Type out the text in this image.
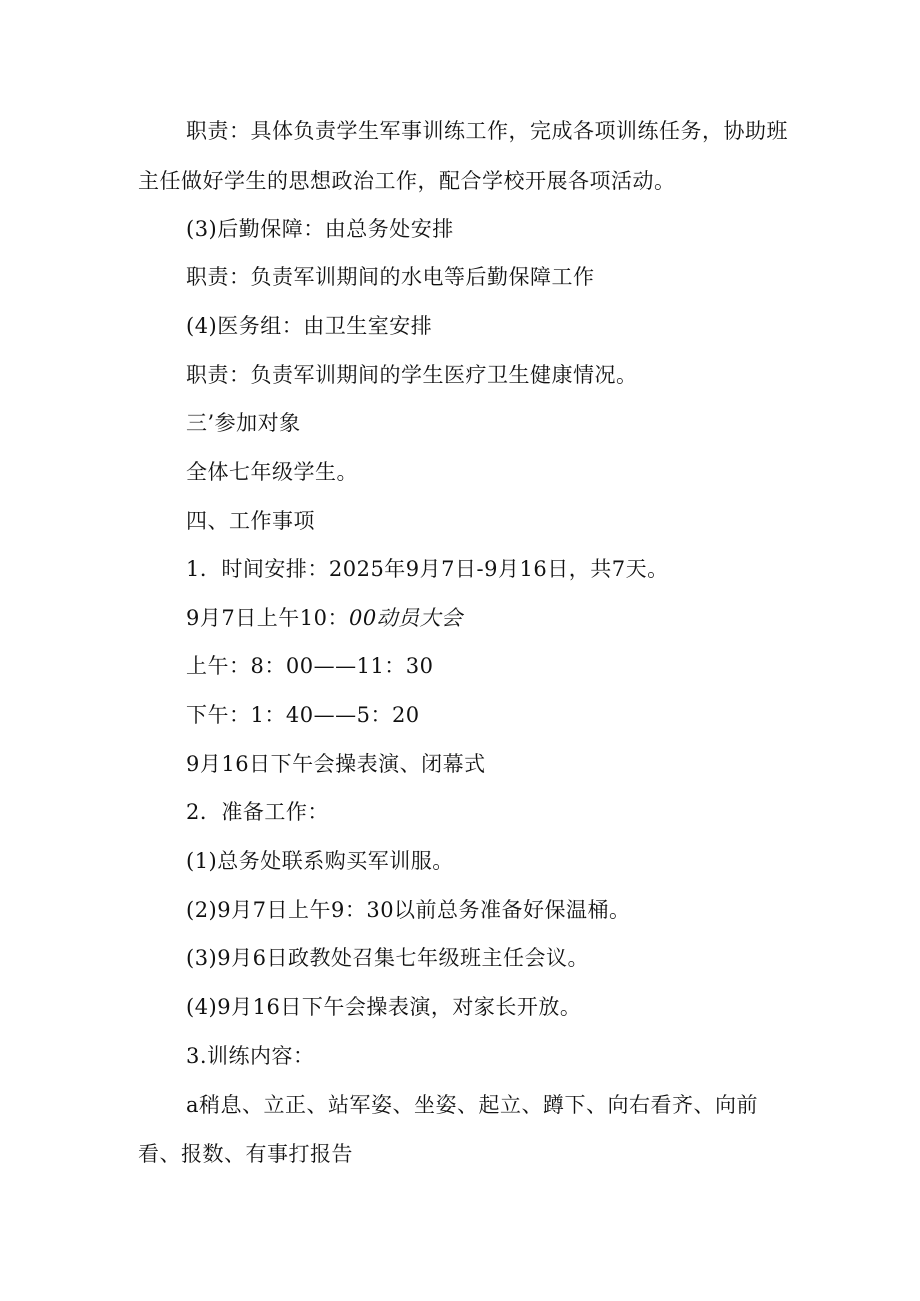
职责：具体负责学生军事训练工作，完成各项训练任务，协助班
主任做好学生的思想政治工作，配合学校开展各项活动。
(3)后勤保障：由总务处安排
职责：负责军训期间的水电等后勤保障工作
(4)医务组：由卫生室安排
职责：负责军训期间的学生医疗卫生健康情况。
三’参加对象
全体七年级学生。
四、工作事项
1．时间安排：2025年9月7日-9月16日，共7天。
9月7日上午10：00动员大会
上午：8：00——11：30
下午：1：40——5：20
9月16日下午会操表演、闭幕式
2．准备工作：
(1)总务处联系购买军训服。
(2)9月7日上午9：30以前总务准备好保温桶。
(3)9月6日政教处召集七年级班主任会议。
(4)9月16日下午会操表演，对家长开放。
3.训练内容：
a稍息、立正、站军姿、坐姿、起立、蹲下、向右看齐、向前
看、报数、有事打报告
